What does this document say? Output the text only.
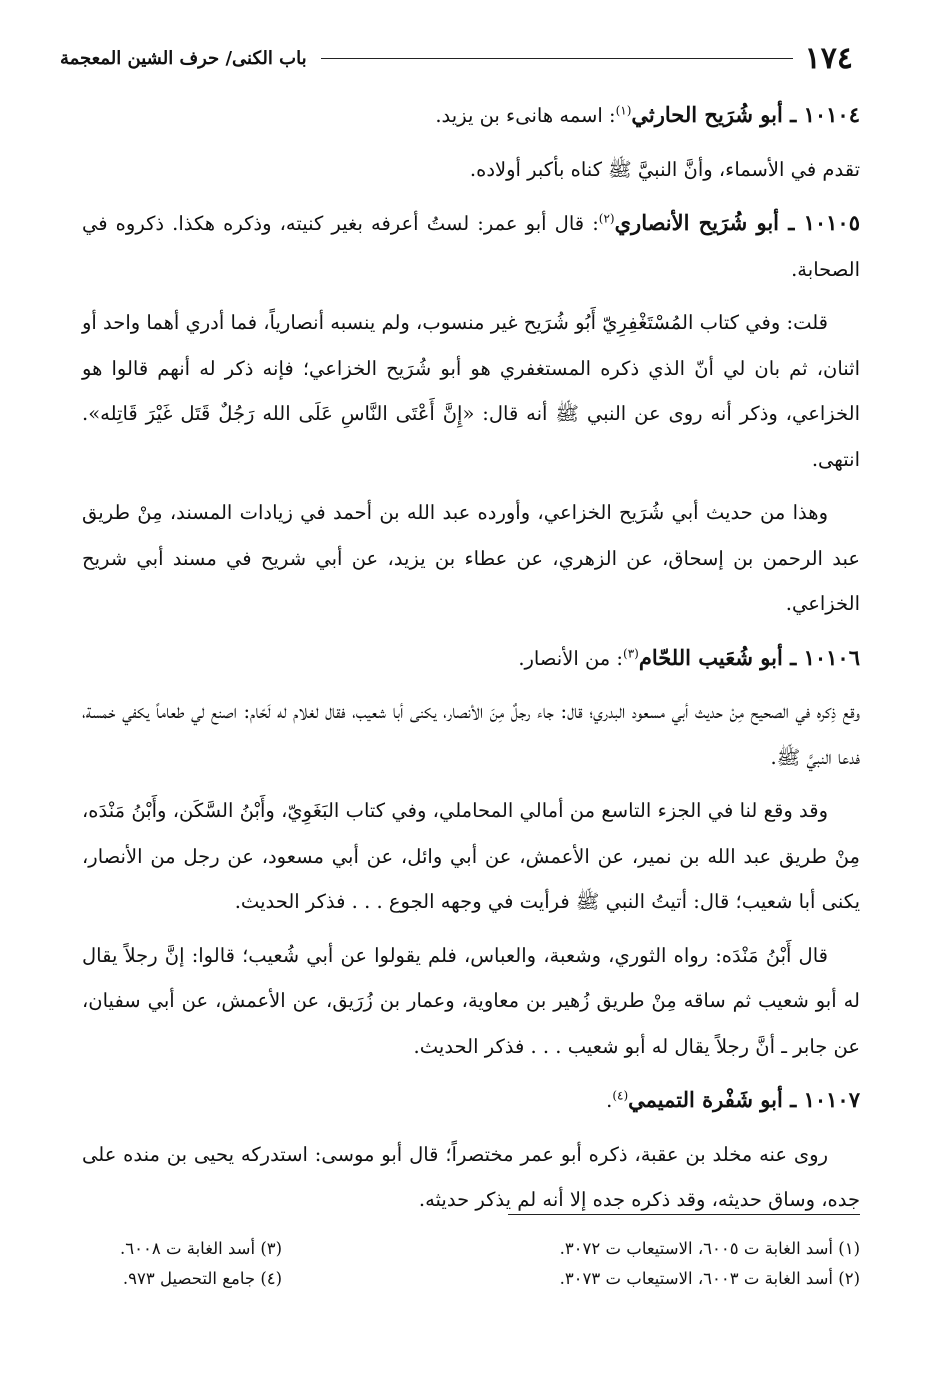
١٧٤
باب الكنى/ حرف الشين المعجمة

١٠١٠٤ ـ أبو شُرَيح الحارثي$^{(١)}$: اسمه هانىء بن يزيد.

تقدم في الأسماء، وأنَّ النبيَّ ﷺ كناه بأكبر أولاده.

١٠١٠٥ ـ أبو شُرَيح الأنصاري$^{(٢)}$: قال أبو عمر: لستُ أعرفه بغير كنيته، وذكره هكذا. ذكروه في الصحابة.

قلت: وفي كتاب المُسْتَغْفِرِيّ أَبُو شُرَيح غير منسوب، ولم ينسبه أنصارياً، فما أدري أهما واحد أو اثنان، ثم بان لي أنّ الذي ذكره المستغفري هو أبو شُرَيح الخزاعي؛ فإنه ذكر له أنهم قالوا هو الخزاعي، وذكر أنه روى عن النبي ﷺ أنه قال: «إِنَّ أَعْتَى النَّاسِ عَلَى الله رَجُلٌ قَتَل غَيْرَ قَاتِله». انتهى.

وهذا من حديث أبي شُرَيح الخزاعي، وأورده عبد الله بن أحمد في زيادات المسند، مِنْ طريق عبد الرحمن بن إسحاق، عن الزهري، عن عطاء بن يزيد، عن أبي شريح في مسند أبي شريح الخزاعي.

١٠١٠٦ ـ أبو شُعَيب اللحّام$^{(٣)}$: من الأنصار.

وقع ذِكره في الصحيح مِنْ حديث أبي مسعود البدري؛ قال: جاء رجلٌ مِنَ الأنصار، يكنى أبا شعيب، فقال لغلام له لَحّام: اصنع لي طعاماً يكفي خمسة، فدعا النبيَّ ﷺ.

وقد وقع لنا في الجزء التاسع من أمالي المحاملي، وفي كتاب البَغَوِيّ، وأَبْنُ السَّكَن، وأَبْنُ مَنْدَه، مِنْ طريق عبد الله بن نمير، عن الأعمش، عن أبي وائل، عن أبي مسعود، عن رجل من الأنصار، يكنى أبا شعيب؛ قال: أتيتُ النبي ﷺ فرأيت في وجهه الجوع . . . فذكر الحديث.

قال أَبْنُ مَنْدَه: رواه الثوري، وشعبة، والعباس، فلم يقولوا عن أبي شُعيب؛ قالوا: إنَّ رجلاً يقال له أبو شعيب ثم ساقه مِنْ طريق زُهير بن معاوية، وعمار بن زُرَيق، عن الأعمش، عن أبي سفيان، عن جابر ـ أنَّ رجلاً يقال له أبو شعيب . . . فذكر الحديث.

١٠١٠٧ ـ أبو شَفْرة التميمي$^{(٤)}$.

روى عنه مخلد بن عقبة، ذكره أبو عمر مختصراً؛ قال أبو موسى: استدركه يحيى بن منده على جده، وساق حديثه، وقد ذكره جده إلا أنه لم يذكر حديثه.

(١) أسد الغابة ت ٦٠٠٥، الاستيعاب ت ٣٠٧٢.
(٢) أسد الغابة ت ٦٠٠٣، الاستيعاب ت ٣٠٧٣.
(٣) أسد الغابة ت ٦٠٠٨.
(٤) جامع التحصيل ٩٧٣.
